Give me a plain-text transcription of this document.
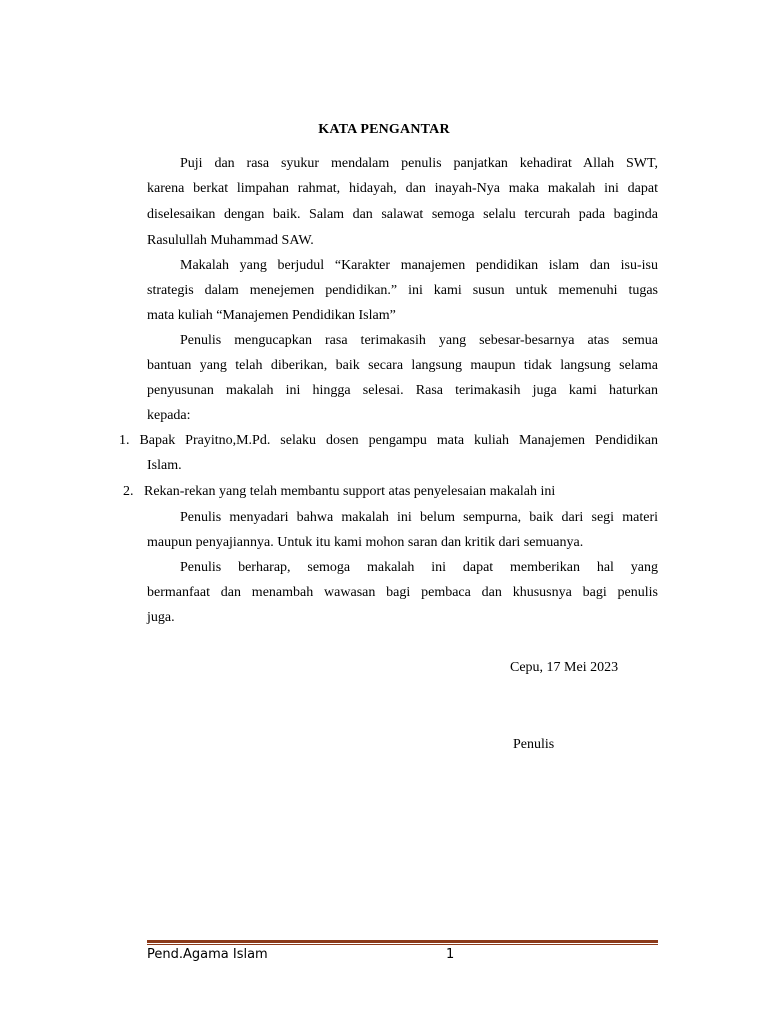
KATA PENGANTAR
Puji dan rasa syukur mendalam penulis panjatkan kehadirat Allah SWT,
karena berkat limpahan rahmat, hidayah, dan inayah-Nya maka makalah ini dapat
diselesaikan dengan baik. Salam dan salawat semoga selalu tercurah pada baginda
Rasulullah Muhammad SAW.
Makalah yang berjudul “Karakter manajemen pendidikan islam dan isu-isu
strategis dalam menejemen pendidikan.” ini kami susun untuk memenuhi tugas
mata kuliah “Manajemen Pendidikan Islam”
Penulis mengucapkan rasa terimakasih yang sebesar-besarnya atas semua
bantuan yang telah diberikan, baik secara langsung maupun tidak langsung selama
penyusunan makalah ini hingga selesai. Rasa terimakasih juga kami haturkan
kepada:
1. Bapak Prayitno,M.Pd. selaku dosen pengampu mata kuliah Manajemen Pendidikan
Islam.
2.   Rekan-rekan yang telah membantu support atas penyelesaian makalah ini
Penulis menyadari bahwa makalah ini belum sempurna, baik dari segi materi
maupun penyajiannya. Untuk itu kami mohon saran dan kritik dari semuanya.
Penulis berharap, semoga makalah ini dapat memberikan hal yang
bermanfaat dan menambah wawasan bagi pembaca dan khususnya bagi penulis
juga.
Cepu, 17 Mei 2023
Penulis
Pend.Agama Islam	1
